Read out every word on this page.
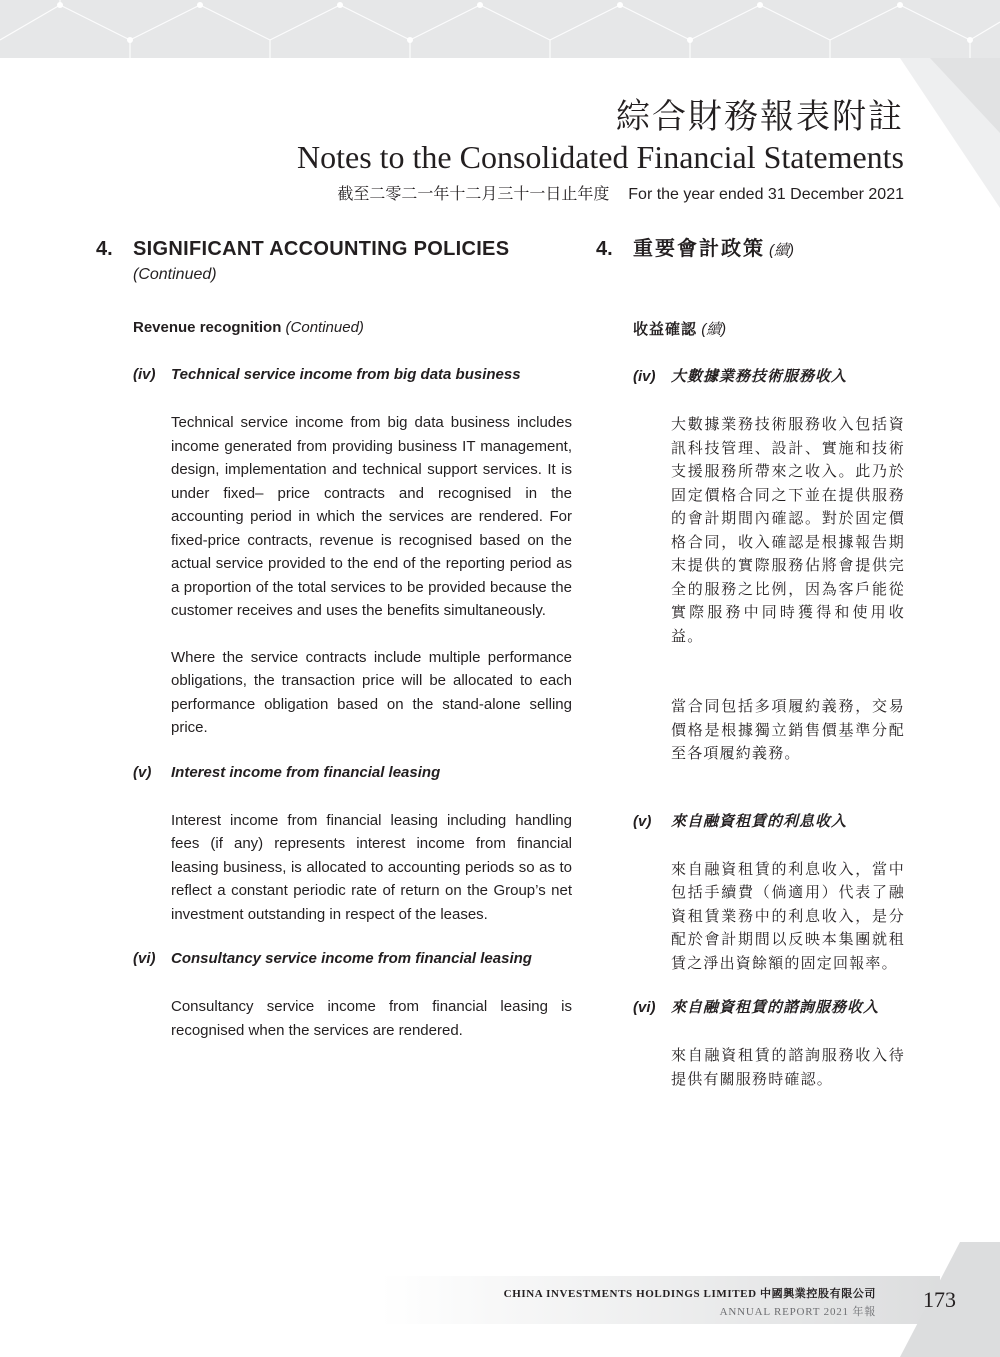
綜合財務報表附註
Notes to the Consolidated Financial Statements
截至二零二一年十二月三十一日止年度 For the year ended 31 December 2021
4.	SIGNIFICANT ACCOUNTING POLICIES
(Continued)
Revenue recognition (Continued)
(iv)	Technical service income from big data business
Technical service income from big data business includes income generated from providing business IT management, design, implementation and technical support services. It is under fixed– price contracts and recognised in the accounting period in which the services are rendered. For fixed-price contracts, revenue is recognised based on the actual service provided to the end of the reporting period as a proportion of the total services to be provided because the customer receives and uses the benefits simultaneously.
Where the service contracts include multiple performance obligations, the transaction price will be allocated to each performance obligation based on the stand-alone selling price.
(v)	Interest income from financial leasing
Interest income from financial leasing including handling fees (if any) represents interest income from financial leasing business, is allocated to accounting periods so as to reflect a constant periodic rate of return on the Group’s net investment outstanding in respect of the leases.
(vi)	Consultancy service income from financial leasing
Consultancy service income from financial leasing is recognised when the services are rendered.
4.	重要會計政策 (續)
收益確認 (續)
(iv)	大數據業務技術服務收入
大數據業務技術服務收入包括資訊科技管理、設計、實施和技術支援服務所帶來之收入。此乃於固定價格合同之下並在提供服務的會計期間內確認。對於固定價格合同，收入確認是根據報告期末提供的實際服務佔將會提供完全的服務之比例，因為客戶能從實際服務中同時獲得和使用收益。
當合同包括多項履約義務，交易價格是根據獨立銷售價基準分配至各項履約義務。
(v)	來自融資租賃的利息收入
來自融資租賃的利息收入，當中包括手續費（倘適用）代表了融資租賃業務中的利息收入，是分配於會計期間以反映本集團就租賃之淨出資餘額的固定回報率。
(vi)	來自融資租賃的諮詢服務收入
來自融資租賃的諮詢服務收入待提供有關服務時確認。
CHINA INVESTMENTS HOLDINGS LIMITED 中國興業控股有限公司
ANNUAL REPORT 2021 年報 173
